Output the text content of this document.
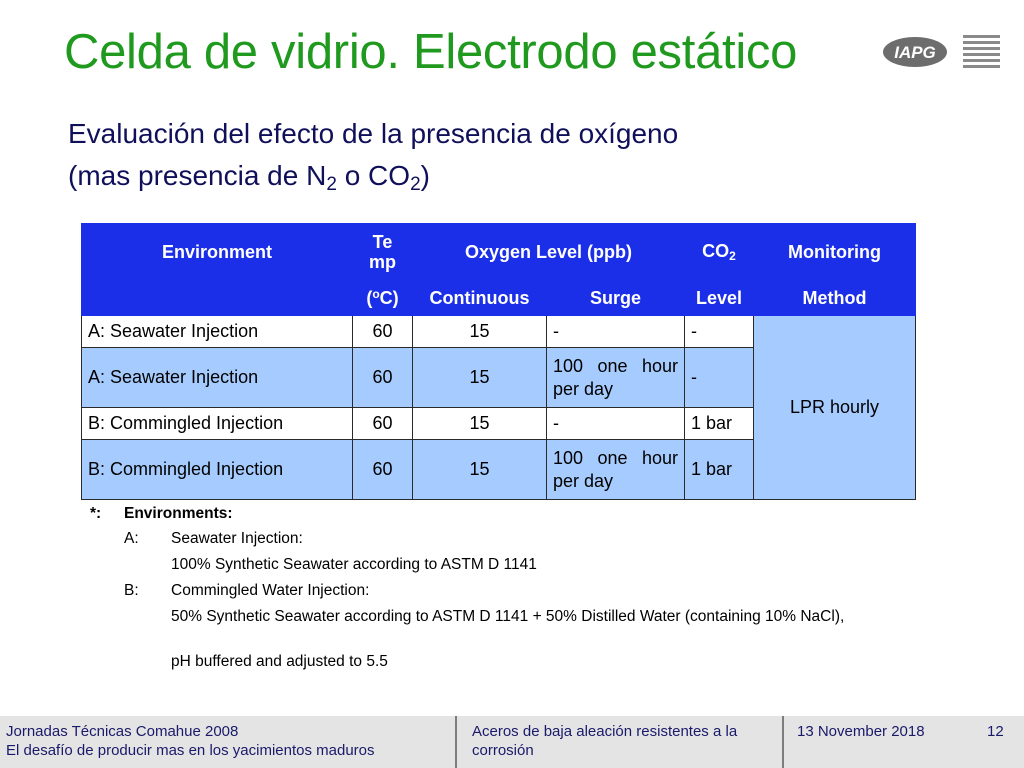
Celda de vidrio. Electrodo estático	IAPG
Evaluación del efecto de la presencia de oxígeno
(mas presencia de $N_2$ o $CO_2$)
Environment	Te mp	Oxygen Level (ppb)		$CO_2$	Monitoring
	($^o$C)	Continuous	Surge	Level	Method
A: Seawater Injection	60	15	-	-	LPR hourly
A: Seawater Injection	60	15	100 one hour per day	-	
B: Commingled Injection	60	15	-	1 bar	
B: Commingled Injection	60	15	100 one hour per day	1 bar	
*: Environments:
A: Seawater Injection:
100% Synthetic Seawater according to ASTM D 1141
B: Commingled Water Injection:
50% Synthetic Seawater according to ASTM D 1141 + 50% Distilled Water (containing 10% NaCl),
pH buffered and adjusted to 5.5
Jornadas Técnicas Comahue 2008
El desafío de producir mas en los yacimientos maduros
Aceros de baja aleación resistentes a la corrosión
13 November 2018	12
